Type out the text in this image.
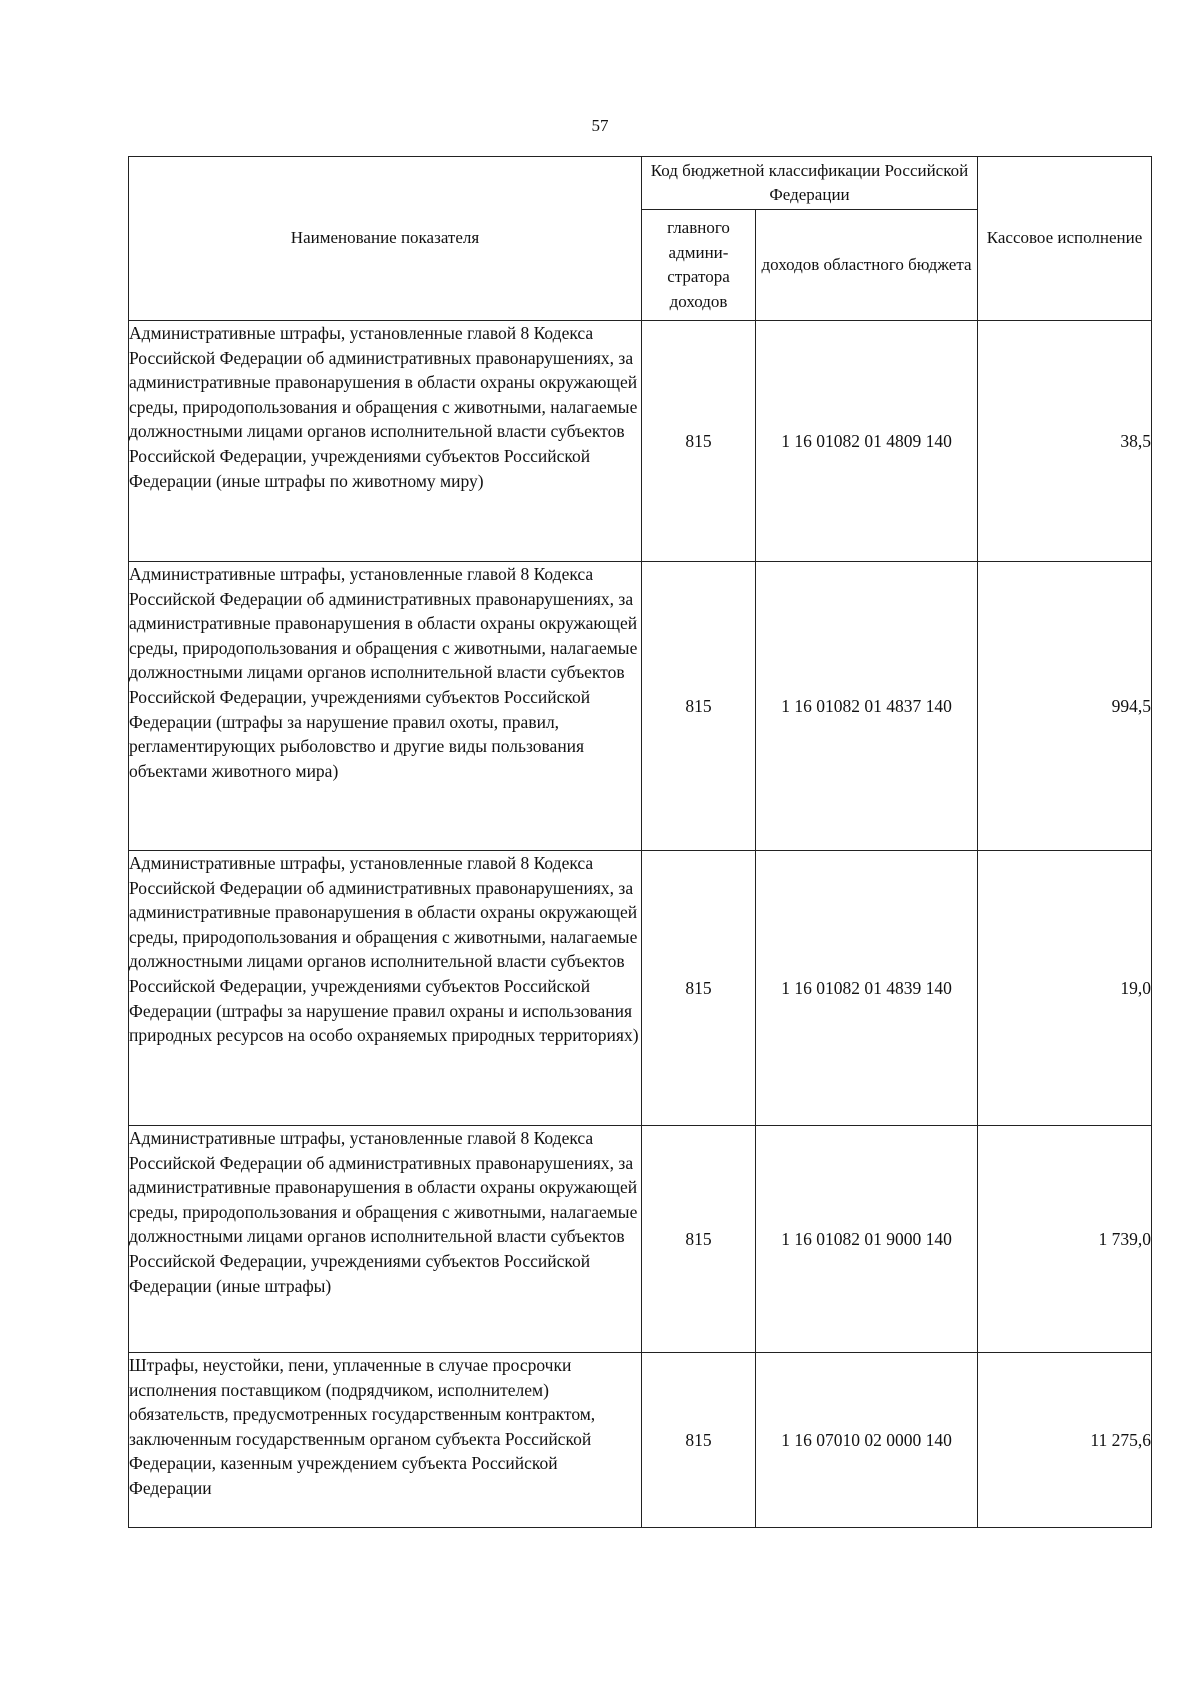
57
Наименование показателя	Код бюджетной классификации Российской Федерации		Кассовое исполнение
	главного админи-стратора доходов	доходов областного бюджета	
Административные штрафы, установленные главой 8 Кодекса Российской Федерации об административных правонарушениях, за административные правонарушения в области охраны окружающей среды, природопользования и обращения с животными, налагаемые должностными лицами органов исполнительной власти субъектов Российской Федерации, учреждениями субъектов Российской Федерации (иные штрафы по животному миру)	815	1 16 01082 01 4809 140	38,5
Административные штрафы, установленные главой 8 Кодекса Российской Федерации об административных правонарушениях, за административные правонарушения в области охраны окружающей среды, природопользования и обращения с животными, налагаемые должностными лицами органов исполнительной власти субъектов Российской Федерации, учреждениями субъектов Российской Федерации (штрафы за нарушение правил охоты, правил, регламентирующих рыболовство и другие виды пользования объектами животного мира)	815	1 16 01082 01 4837 140	994,5
Административные штрафы, установленные главой 8 Кодекса Российской Федерации об административных правонарушениях, за административные правонарушения в области охраны окружающей среды, природопользования и обращения с животными, налагаемые должностными лицами органов исполнительной власти субъектов Российской Федерации, учреждениями субъектов Российской Федерации (штрафы за нарушение правил охраны и использования природных ресурсов на особо охраняемых природных территориях)	815	1 16 01082 01 4839 140	19,0
Административные штрафы, установленные главой 8 Кодекса Российской Федерации об административных правонарушениях, за административные правонарушения в области охраны окружающей среды, природопользования и обращения с животными, налагаемые должностными лицами органов исполнительной власти субъектов Российской Федерации, учреждениями субъектов Российской Федерации (иные штрафы)	815	1 16 01082 01 9000 140	1 739,0
Штрафы, неустойки, пени, уплаченные в случае просрочки исполнения поставщиком (подрядчиком, исполнителем) обязательств, предусмотренных государственным контрактом, заключенным государственным органом субъекта Российской Федерации, казенным учреждением субъекта Российской Федерации	815	1 16 07010 02 0000 140	11 275,6
